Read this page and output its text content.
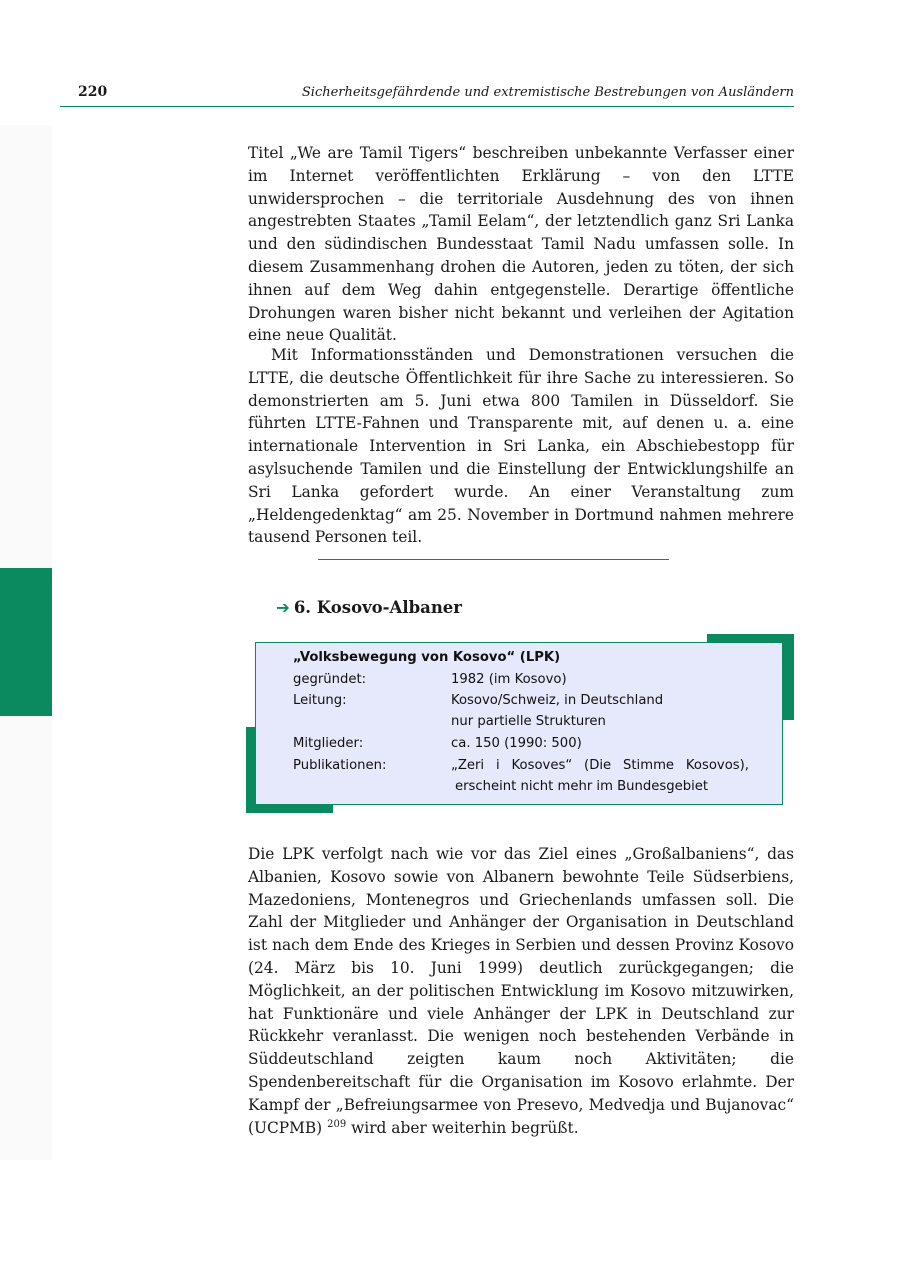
220	Sicherheitsgefährdende und extremistische Bestrebungen von Ausländern

Titel „We are Tamil Tigers“ beschreiben unbekannte Verfasser einer im Internet veröffentlichten Erklärung – von den LTTE unwidersprochen – die territoriale Ausdehnung des von ihnen angestrebten Staates „Tamil Eelam“, der letztendlich ganz Sri Lanka und den südindischen Bundesstaat Tamil Nadu umfassen solle. In diesem Zusammenhang drohen die Autoren, jeden zu töten, der sich ihnen auf dem Weg dahin entgegenstelle. Derartige öffentliche Drohungen waren bisher nicht bekannt und verleihen der Agitation eine neue Qualität.

Mit Informationsständen und Demonstrationen versuchen die LTTE, die deutsche Öffentlichkeit für ihre Sache zu interessieren. So demonstrierten am 5. Juni etwa 800 Tamilen in Düsseldorf. Sie führten LTTE-Fahnen und Transparente mit, auf denen u. a. eine internationale Intervention in Sri Lanka, ein Abschiebestopp für asylsuchende Tamilen und die Einstellung der Entwicklungshilfe an Sri Lanka gefordert wurde. An einer Veranstaltung zum „Heldengedenktag“ am 25. November in Dortmund nahmen mehrere tausend Personen teil.

➔ 6. Kosovo-Albaner
„Volksbewegung von Kosovo“ (LPK)
gegründet:	1982 (im Kosovo)
Leitung:	Kosovo/Schweiz, in Deutschland
nur partielle Strukturen
Mitglieder:	ca. 150 (1990: 500)
Publikationen:	„Zeri i Kosoves“ (Die Stimme Kosovos),
erscheint nicht mehr im Bundesgebiet

Die LPK verfolgt nach wie vor das Ziel eines „Großalbaniens“, das Albanien, Kosovo sowie von Albanern bewohnte Teile Südserbiens, Mazedoniens, Montenegros und Griechenlands umfassen soll. Die Zahl der Mitglieder und Anhänger der Organisation in Deutschland ist nach dem Ende des Krieges in Serbien und dessen Provinz Kosovo (24. März bis 10. Juni 1999) deutlich zurückgegangen; die Möglichkeit, an der politischen Entwicklung im Kosovo mitzuwirken, hat Funktionäre und viele Anhänger der LPK in Deutschland zur Rückkehr veranlasst. Die wenigen noch bestehenden Verbände in Süddeutschland zeigten kaum noch Aktivitäten; die Spendenbereitschaft für die Organisation im Kosovo erlahmte. Der Kampf der „Befreiungsarmee von Presevo, Medvedja und Bujanovac“ (UCPMB) $^{209}$ wird aber weiterhin begrüßt.
